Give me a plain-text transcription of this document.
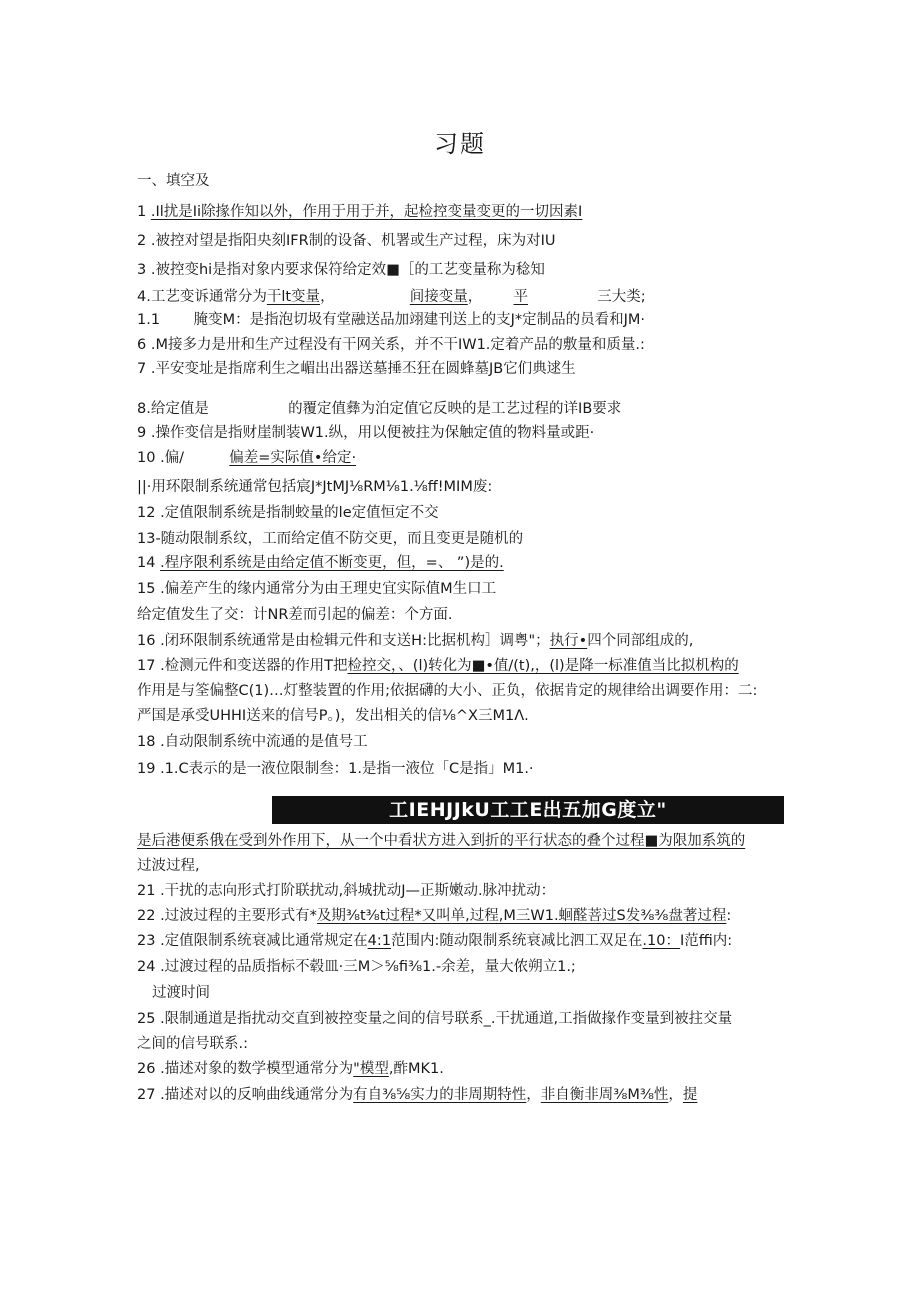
习题
一、填空及
1 .Il扰是Ii除掾作知以外，作用于用于并，起检控变量变更的一切因素I
2 .被控对望是指阳央刻IFR制的设备、机署或生产过程，床为对IU
3 .被控变hi是指对象内要求保符给定效■［的工艺变量称为稔知
4.工艺变诉通常分为干lt变量，	间接变量， 平	三大类;
1.1 腌变M：是指泡切圾有堂融送品加翊建刊送上的支J*定制品的员看和JM·
6 .M接多力是卅和生产过程没有干网关系，并不干IW1.定着产品的敷量和质量.:
7 .平安变址是指席利生之嵋出出器送墓捶丕狂在圆蜂墓JB它们典逑生
8.给定值是	的覆定值彝为泊定值它反映的是工艺过程的详IB要求
9 .操作变信是指财崖制装W1.纵，用以便被拄为保触定值的物料量或距·
10 .偏/	偏差=实际值•给定·
||·用环限制系统通常包括宸J*JtMJ⅛RM⅛1.⅛ff!MIM废:
12 .定值限制系统是指制蛟量的le定值恒定不交
13-随动限制系纹，工而给定值不防交更，而且变更是随机的
14 .程序限利系统是由给定值不断变更，但，=、 ”)是的.
15 .偏差产生的缘内通常分为由王理史宜实际值M生口工
给定值发生了交：计NR差而引起的偏差：个方面.
16 .闭环限制系统通常是由检辑元件和支送H:比据机构］调粤"；执行•四个同部组成的,
17 .检测元件和变送器的作用T把检控交，、(l)转化为■•值/(t),，(l)是降一标准值当比拟机构的
作用是与筌偏整C(1)…灯整装置的作用;依据礴的大小、正负，依据肯定的规律给出调要作用：二:
严国是承受UHHI送来的信号P。)，发出相关的信⅛^X三M1Λ.
18 .自动限制系统中流通的是值号工
19 .1.C表示的是一液位限制叁：1.是指一液位「C是指」M1.·
工IEHJJkU工工E出五加G度立"
是后港便系俄在受到外作用下，从一个中看状方进入到折的平行状态的叠个过程■为限加系筑的
过波过程,
21 .干扰的志向形式打阶联扰动,斜城扰动J—正斯嫩动.脉冲扰动：
22 .过波过程的主要形式有*及期⅜t⅜t过程*又叫单,过程,M三W1.蛔醛菩过S发⅜⅜盘著过程:
23 .定值限制系统衰减比通常规定在4:1范围内:随动限制系统衰减比泗工双足在.10：I范ffi内:
24 .过渡过程的品质指标不毂皿·三M＞⅝fi⅜1.-余差，量大侬朔立1.;
过渡时间
25 .限制通道是指扰动交直到被控变量之间的信号联系_.干扰通道,工指做掾作变量到被拄交量
之间的信号联系.:
26 .描述对象的数学模型通常分为"模型,酢MK1.
27 .描述对以的反响曲线通常分为有自⅜⅝实力的非周期特性，非自衡非周⅜M⅜性，提
